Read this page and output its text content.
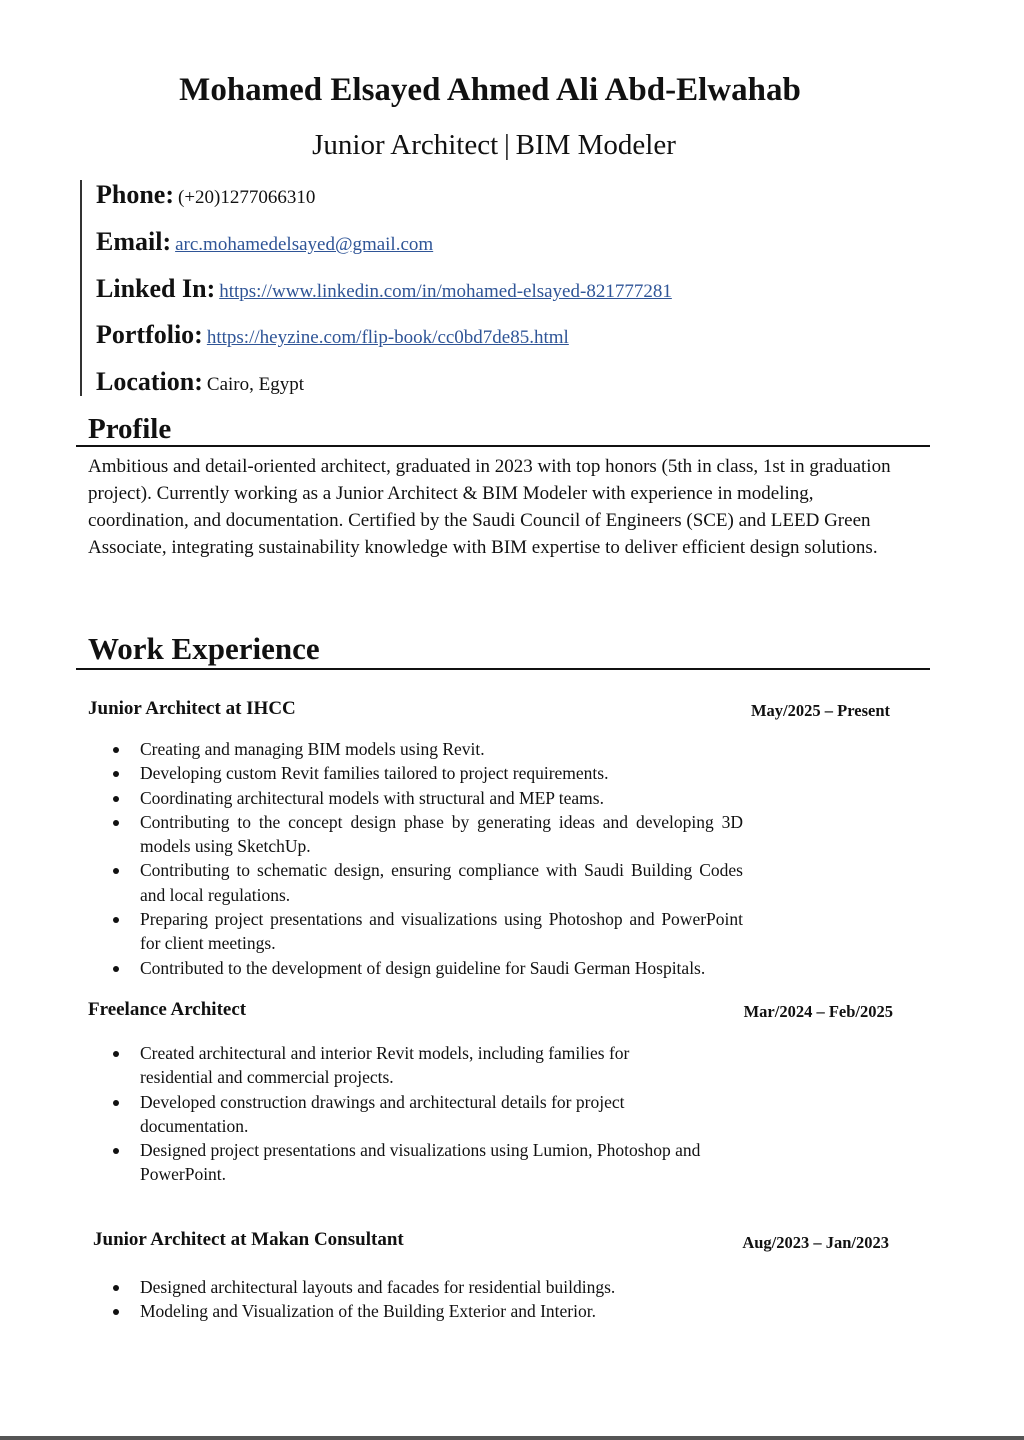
Mohamed Elsayed Ahmed Ali Abd-Elwahab
Junior Architect | BIM Modeler
Phone: (+20)1277066310
Email: arc.mohamedelsayed@gmail.com
Linked In: https://www.linkedin.com/in/mohamed-elsayed-821777281
Portfolio: https://heyzine.com/flip-book/cc0bd7de85.html
Location: Cairo, Egypt
Profile
Ambitious and detail-oriented architect, graduated in 2023 with top honors (5th in class, 1st in graduation project). Currently working as a Junior Architect & BIM Modeler with experience in modeling, coordination, and documentation. Certified by the Saudi Council of Engineers (SCE) and LEED Green Associate, integrating sustainability knowledge with BIM expertise to deliver efficient design solutions.
Work Experience
Junior Architect at IHCC	May/2025 – Present
Creating and managing BIM models using Revit.
Developing custom Revit families tailored to project requirements.
Coordinating architectural models with structural and MEP teams.
Contributing to the concept design phase by generating ideas and developing 3D models using SketchUp.
Contributing to schematic design, ensuring compliance with Saudi Building Codes and local regulations.
Preparing project presentations and visualizations using Photoshop and PowerPoint for client meetings.
Contributed to the development of design guideline for Saudi German Hospitals.
Freelance Architect	Mar/2024 – Feb/2025
Created architectural and interior Revit models, including families for residential and commercial projects.
Developed construction drawings and architectural details for project documentation.
Designed project presentations and visualizations using Lumion, Photoshop and PowerPoint.
Junior Architect at Makan Consultant	Aug/2023 – Jan/2023
Designed architectural layouts and facades for residential buildings.
Modeling and Visualization of the Building Exterior and Interior.
